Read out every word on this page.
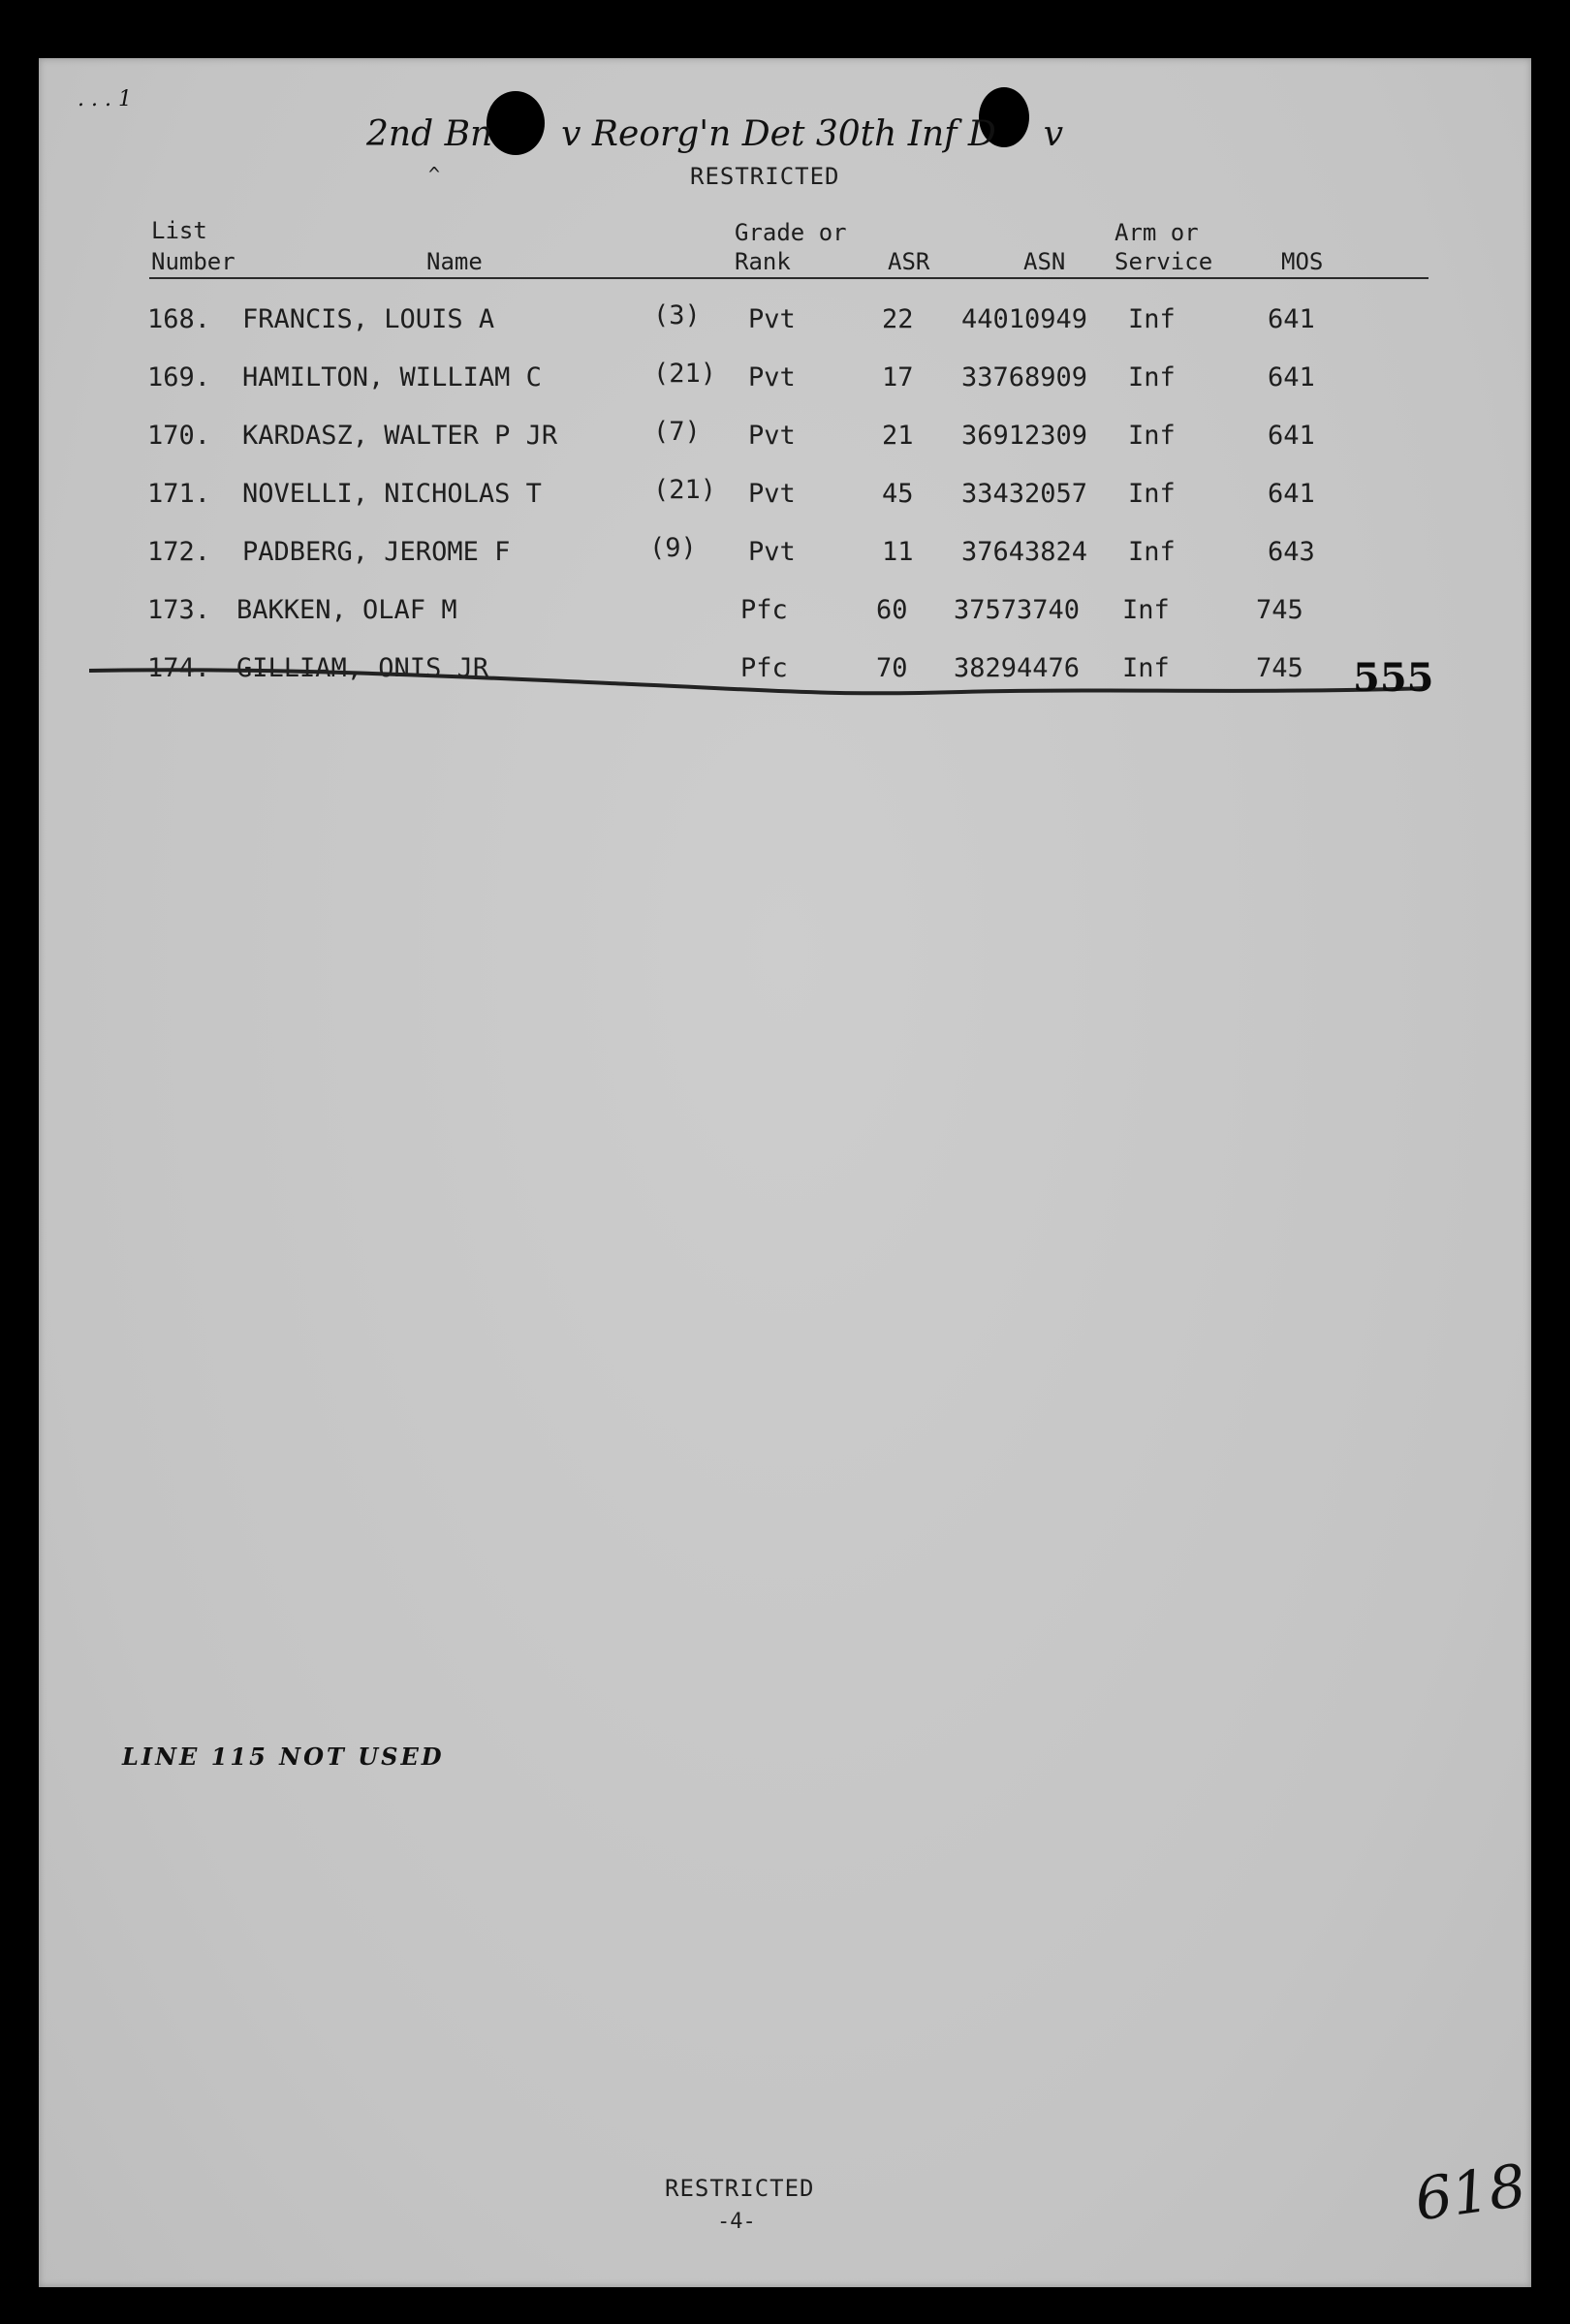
. . . 1
2nd Bn v Reorg'n Det 30th Inf D v
^	RESTRICTED
List
Number	Name
Grade or
Rank	ASR	ASN
Arm or
Service	MOS
168. FRANCIS, LOUIS A	(3) Pvt	22 44010949 Inf	641
169. HAMILTON, WILLIAM C	(21) Pvt	17 33768909 Inf	641
170. KARDASZ, WALTER P JR	(7) Pvt	21 36912309 Inf	641
171. NOVELLI, NICHOLAS T	(21) Pvt	45 33432057 Inf	641
172. PADBERG, JEROME F	(9) Pvt	11 37643824 Inf	643
173. BAKKEN, OLAF M	Pfc	60 37573740 Inf	745
174. GILLIAM, ONIS JR	Pfc	70 38294476 Inf	745 555
LINE 115 NOT USED
RESTRICTED
-4-	618
